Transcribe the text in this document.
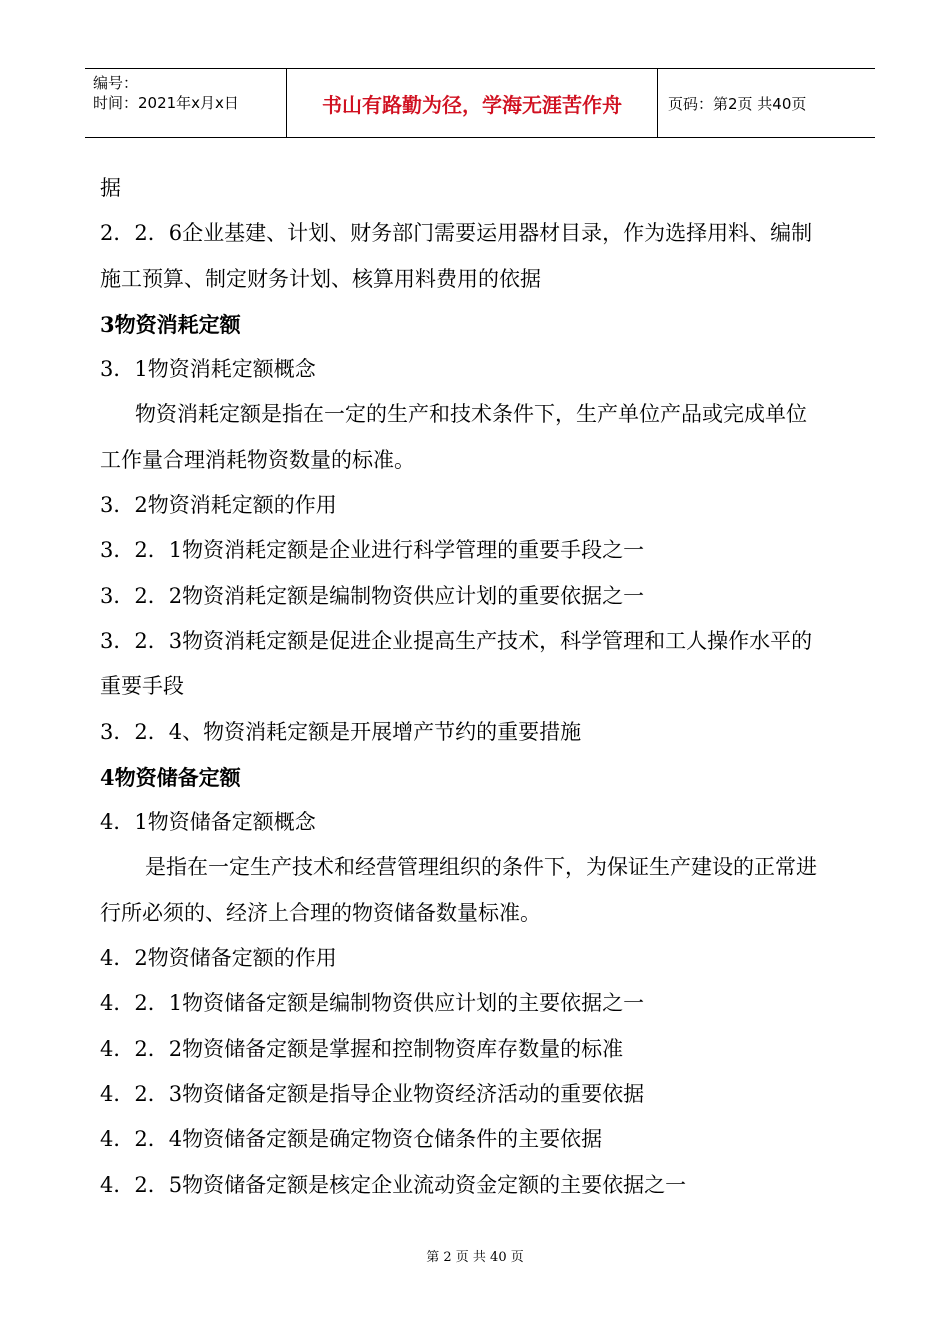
编号：
时间：2021年x月x日	书山有路勤为径，学海无涯苦作舟	页码：第2页 共40页
据
2．2．6企业基建、计划、财务部门需要运用器材目录，作为选择用料、编制
施工预算、制定财务计划、核算用料费用的依据
3物资消耗定额
3．1物资消耗定额概念
物资消耗定额是指在一定的生产和技术条件下，生产单位产品或完成单位
工作量合理消耗物资数量的标准。
3．2物资消耗定额的作用
3．2．1物资消耗定额是企业进行科学管理的重要手段之一
3．2．2物资消耗定额是编制物资供应计划的重要依据之一
3．2．3物资消耗定额是促进企业提高生产技术，科学管理和工人操作水平的
重要手段
3．2．4、物资消耗定额是开展增产节约的重要措施
4物资储备定额
4．1物资储备定额概念
是指在一定生产技术和经营管理组织的条件下，为保证生产建设的正常进
行所必须的、经济上合理的物资储备数量标准。
4．2物资储备定额的作用
4．2．1物资储备定额是编制物资供应计划的主要依据之一
4．2．2物资储备定额是掌握和控制物资库存数量的标准
4．2．3物资储备定额是指导企业物资经济活动的重要依据
4．2．4物资储备定额是确定物资仓储条件的主要依据
4．2．5物资储备定额是核定企业流动资金定额的主要依据之一
第 2 页 共 40 页
